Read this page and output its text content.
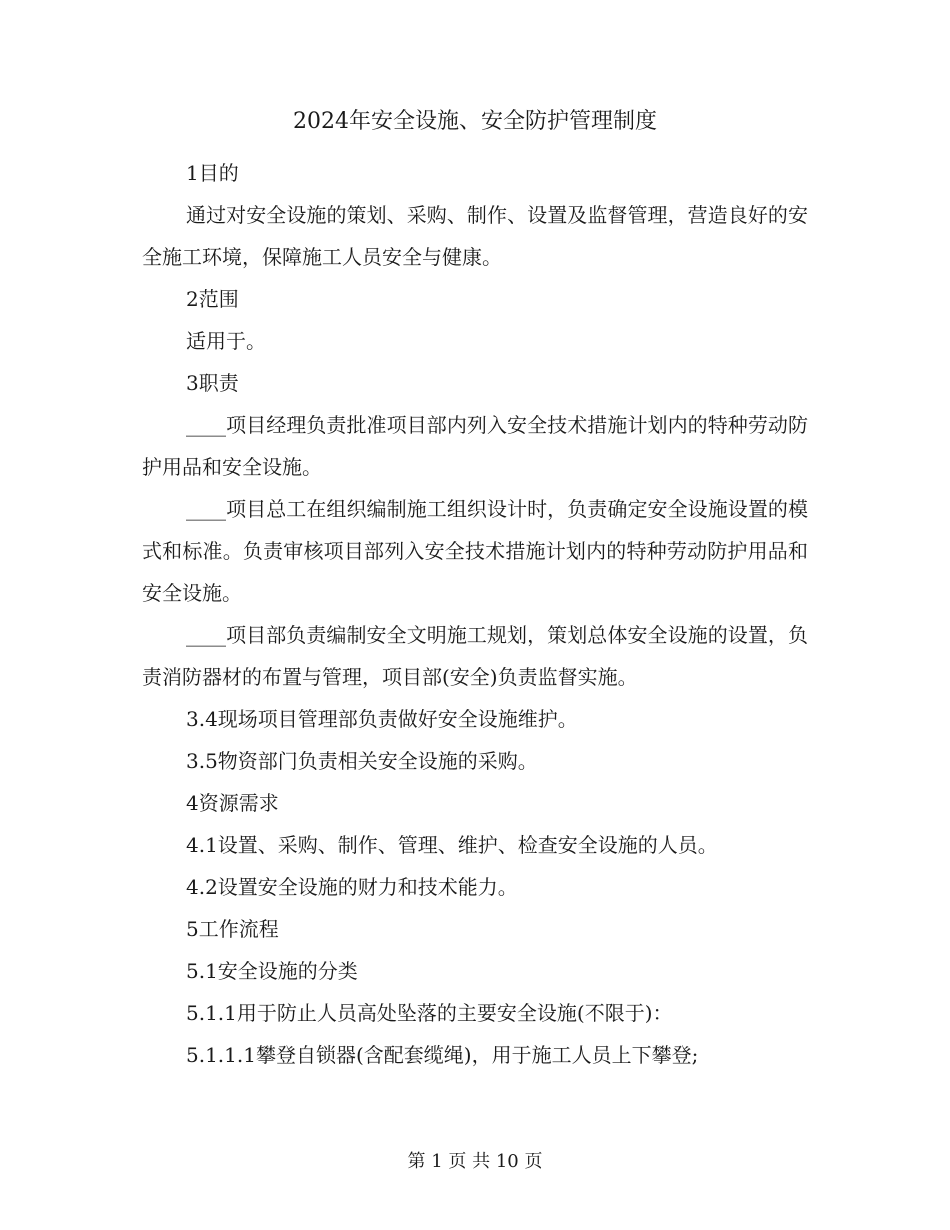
2024年安全设施、安全防护管理制度

1目的

通过对安全设施的策划、采购、制作、设置及监督管理，营造良好的安全施工环境，保障施工人员安全与健康。

2范围

适用于。

3职责

____项目经理负责批准项目部内列入安全技术措施计划内的特种劳动防护用品和安全设施。

____项目总工在组织编制施工组织设计时，负责确定安全设施设置的模式和标准。负责审核项目部列入安全技术措施计划内的特种劳动防护用品和安全设施。

____项目部负责编制安全文明施工规划，策划总体安全设施的设置，负责消防器材的布置与管理，项目部(安全)负责监督实施。

3.4现场项目管理部负责做好安全设施维护。

3.5物资部门负责相关安全设施的采购。

4资源需求

4.1设置、采购、制作、管理、维护、检查安全设施的人员。

4.2设置安全设施的财力和技术能力。

5工作流程

5.1安全设施的分类

5.1.1用于防止人员高处坠落的主要安全设施(不限于)：

5.1.1.1攀登自锁器(含配套缆绳)，用于施工人员上下攀登;

第 1 页 共 10 页
